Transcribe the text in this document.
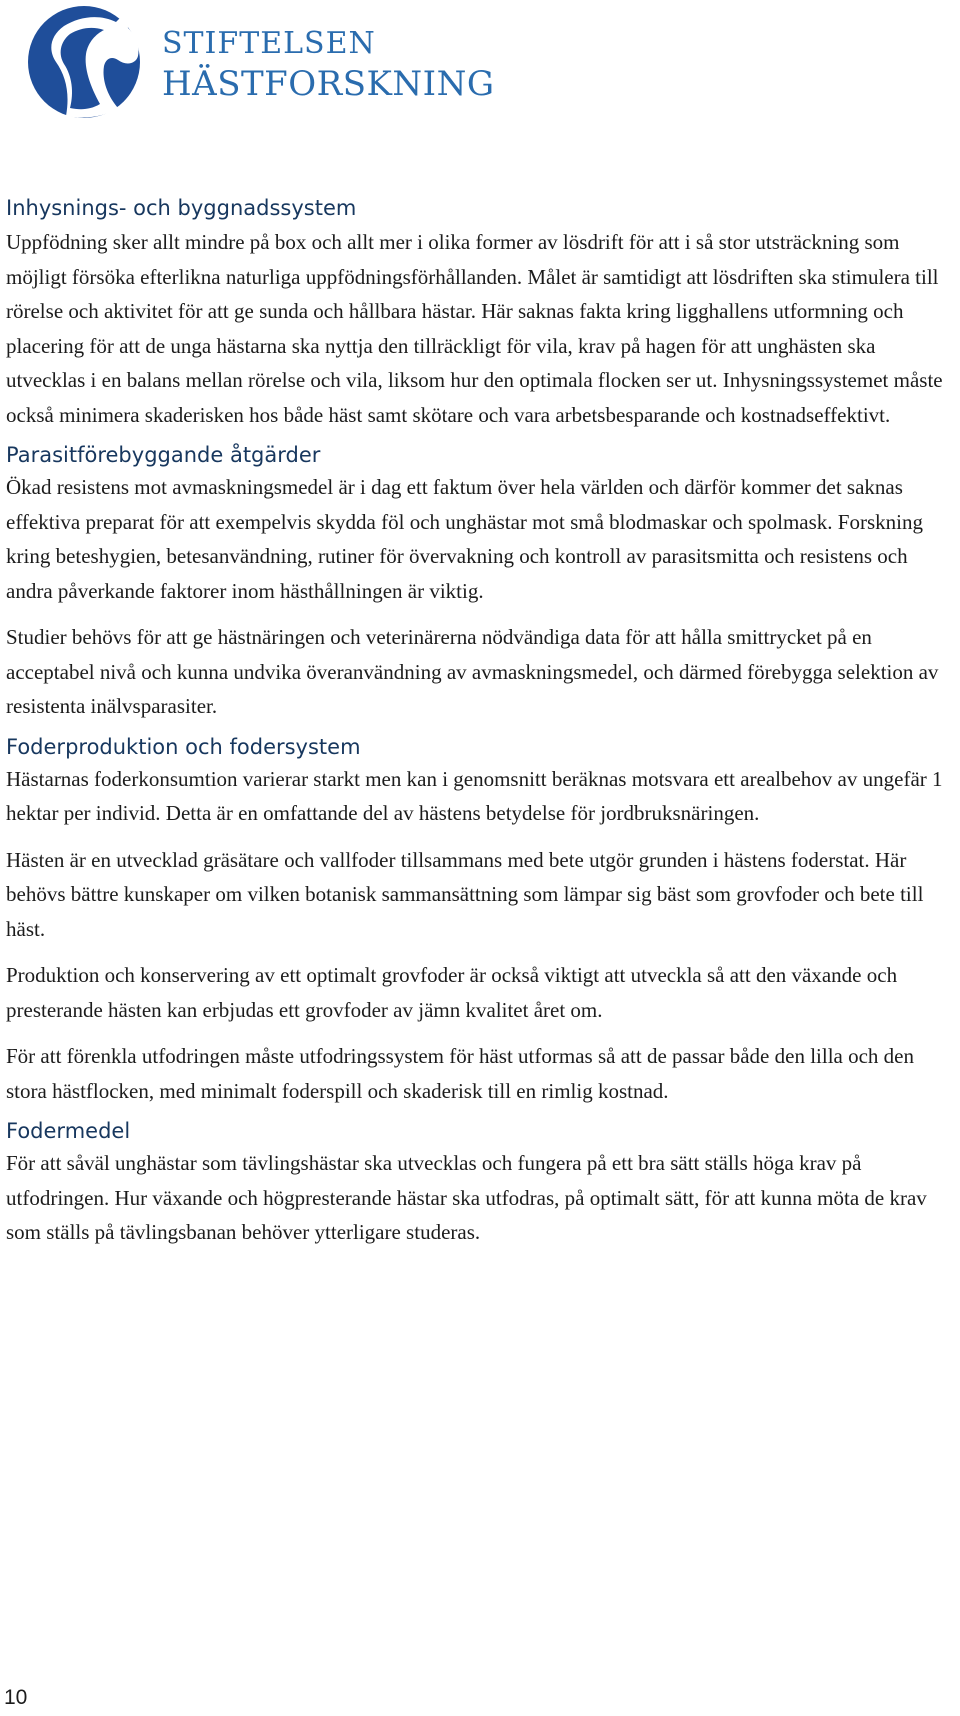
STIFTELSEN
HÄSTFORSKNING
Inhysnings- och byggnadssystem

Uppfödning sker allt mindre på box och allt mer i olika former av lösdrift för att i så stor utsträckning som möjligt försöka efterlikna naturliga uppfödningsförhållanden. Målet är samtidigt att lösdriften ska stimulera till rörelse och aktivitet för att ge sunda och hållbara hästar. Här saknas fakta kring ligghallens utformning och placering för att de unga hästarna ska nyttja den tillräckligt för vila, krav på hagen för att unghästen ska utvecklas i en balans mellan rörelse och vila, liksom hur den optimala flocken ser ut. Inhysningssystemet måste också minimera skaderisken hos både häst samt skötare och vara arbetsbesparande och kostnadseffektivt.

Parasitförebyggande åtgärder

Ökad resistens mot avmaskningsmedel är i dag ett faktum över hela världen och därför kommer det saknas effektiva preparat för att exempelvis skydda föl och unghästar mot små blodmaskar och spolmask. Forskning kring beteshygien, betesanvändning, rutiner för övervakning och kontroll av parasitsmitta och resistens och andra påverkande faktorer inom hästhållningen är viktig.

Studier behövs för att ge hästnäringen och veterinärerna nödvändiga data för att hålla smittrycket på en acceptabel nivå och kunna undvika överanvändning av avmaskningsmedel, och därmed förebygga selektion av resistenta inälvsparasiter.

Foderproduktion och fodersystem

Hästarnas foderkonsumtion varierar starkt men kan i genomsnitt beräknas motsvara ett arealbehov av ungefär 1 hektar per individ. Detta är en omfattande del av hästens betydelse för jordbruksnäringen.

Hästen är en utvecklad gräsätare och vallfoder tillsammans med bete utgör grunden i hästens foderstat. Här behövs bättre kunskaper om vilken botanisk sammansättning som lämpar sig bäst som grovfoder och bete till häst.

Produktion och konservering av ett optimalt grovfoder är också viktigt att utveckla så att den växande och presterande hästen kan erbjudas ett grovfoder av jämn kvalitet året om.

För att förenkla utfodringen måste utfodringssystem för häst utformas så att de passar både den lilla och den stora hästflocken, med minimalt foderspill och skaderisk till en rimlig kostnad.

Fodermedel

För att såväl unghästar som tävlingshästar ska utvecklas och fungera på ett bra sätt ställs höga krav på utfodringen. Hur växande och högpresterande hästar ska utfodras, på optimalt sätt, för att kunna möta de krav som ställs på tävlingsbanan behöver ytterligare studeras.

10
